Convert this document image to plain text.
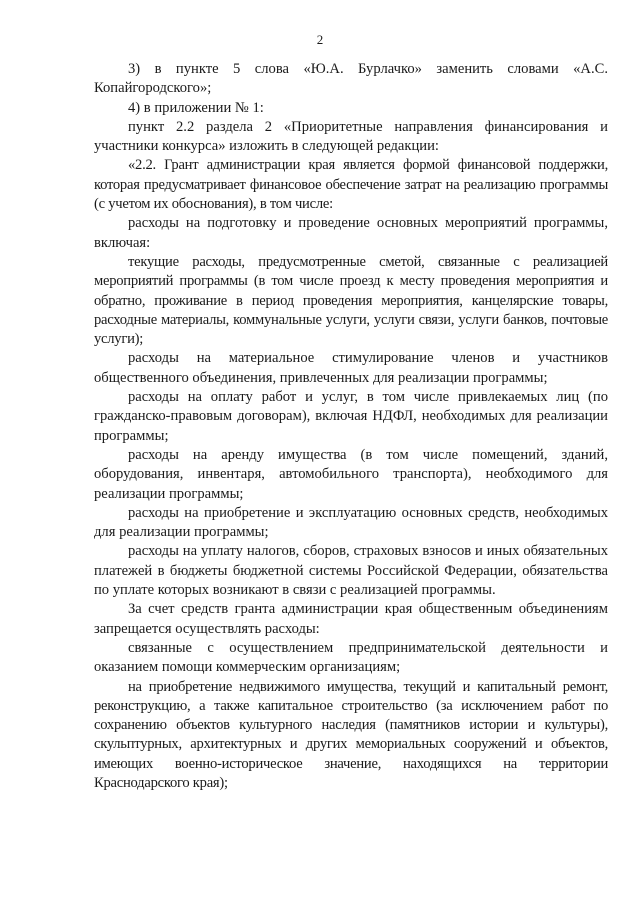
2

3) в пункте 5 слова «Ю.А. Бурлачко» заменить словами «А.С. Копайгородского»;

4) в приложении № 1:

пункт 2.2 раздела 2 «Приоритетные направления финансирования и участники конкурса» изложить в следующей редакции:

«2.2. Грант администрации края является формой финансовой поддержки, которая предусматривает финансовое обеспечение затрат на реализацию программы (с учетом их обоснования), в том числе:

расходы на подготовку и проведение основных мероприятий программы, включая:

текущие расходы, предусмотренные сметой, связанные с реализацией мероприятий программы (в том числе проезд к месту проведения мероприятия и обратно, проживание в период проведения мероприятия, канцелярские товары, расходные материалы, коммунальные услуги, услуги связи, услуги банков, почтовые услуги);

расходы на материальное стимулирование членов и участников общественного объединения, привлеченных для реализации программы;

расходы на оплату работ и услуг, в том числе привлекаемых лиц (по гражданско-правовым договорам), включая НДФЛ, необходимых для реализации программы;

расходы на аренду имущества (в том числе помещений, зданий, оборудования, инвентаря, автомобильного транспорта), необходимого для реализации программы;

расходы на приобретение и эксплуатацию основных средств, необходимых для реализации программы;

расходы на уплату налогов, сборов, страховых взносов и иных обязательных платежей в бюджеты бюджетной системы Российской Федерации, обязательства по уплате которых возникают в связи с реализацией программы.

За счет средств гранта администрации края общественным объединениям запрещается осуществлять расходы:

связанные с осуществлением предпринимательской деятельности и оказанием помощи коммерческим организациям;

на приобретение недвижимого имущества, текущий и капитальный ремонт, реконструкцию, а также капитальное строительство (за исключением работ по сохранению объектов культурного наследия (памятников истории и культуры), скульптурных, архитектурных и других мемориальных сооружений и объектов, имеющих военно-историческое значение, находящихся на территории Краснодарского края);
